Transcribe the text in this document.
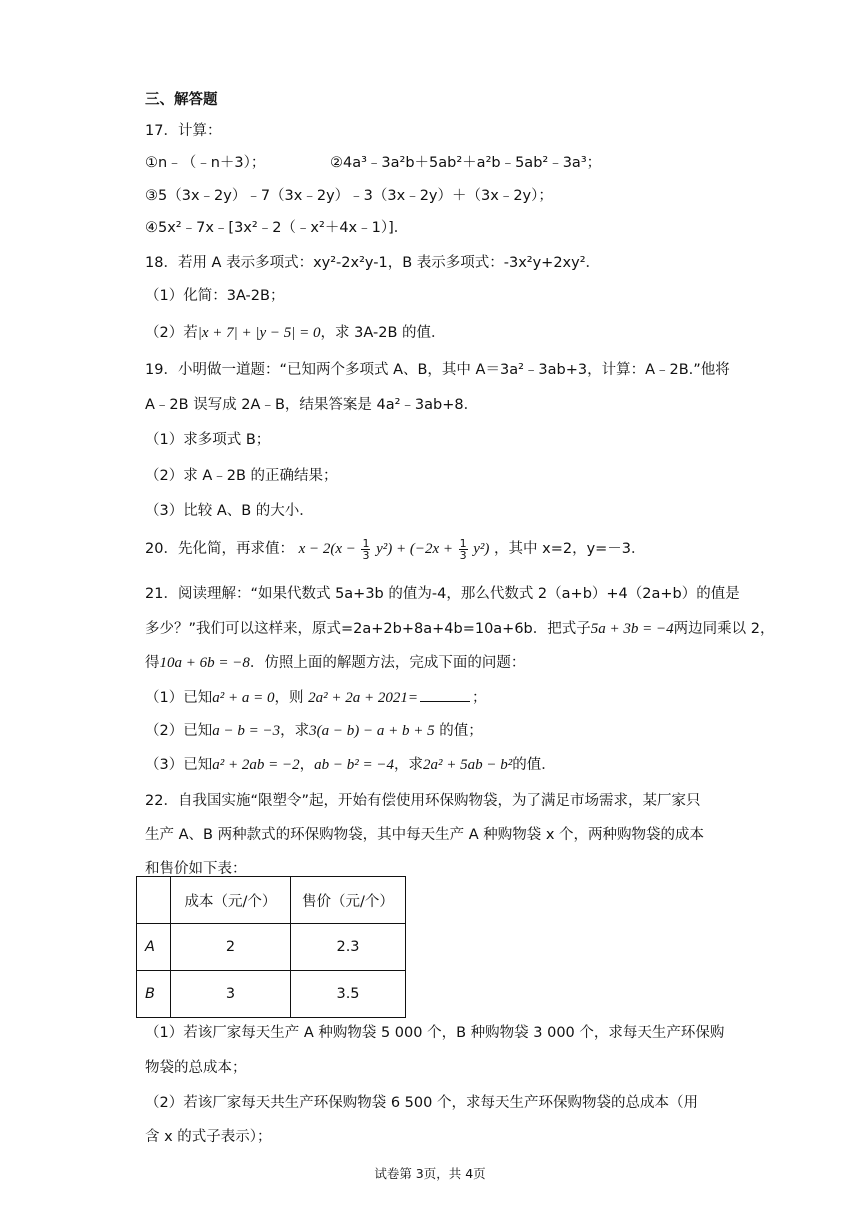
三、解答题
17．计算：
①n﹣（﹣n＋3）；	②4a³﹣3a²b＋5ab²＋a²b﹣5ab²﹣3a³；
③5（3x﹣2y）﹣7（3x﹣2y）﹣3（3x﹣2y）＋（3x﹣2y）；
④5x²﹣7x﹣[3x²﹣2（﹣x²＋4x﹣1）]．
18．若用 A 表示多项式：xy²-2x²y-1，B 表示多项式：-3x²y+2xy²．
（1）化简：3A-2B；
（2）若|x + 7| + |y − 5| = 0，求 3A-2B 的值．
19．小明做一道题：“已知两个多项式 A、B，其中 A＝3a²﹣3ab+3，计算：A﹣2B.”他将
A﹣2B 误写成 2A﹣B，结果答案是 4a²﹣3ab+8．
（1）求多项式 B；
（2）求 A﹣2B 的正确结果；
（3）比较 A、B 的大小．
20．先化简，再求值： $x - 2(x - \frac{1}{3} y^2) + (-2x + \frac{1}{3} y^2)$ ，其中 x=2，y=－3．
21．阅读理解：“如果代数式 5a+3b 的值为-4，那么代数式 2（a+b）+4（2a+b）的值是
多少？”我们可以这样来，原式=2a+2b+8a+4b=10a+6b．把式子5a + 3b = −4两边同乘以 2，
得10a + 6b = −8．仿照上面的解题方法，完成下面的问题：
（1）已知a² + a = 0，则 2a² + 2a + 2021=	；
（2）已知a − b = −3，求3(a − b) − a + b + 5 的值；
（3）已知a² + 2ab = −2，ab − b² = −4，求2a² + 5ab − b²的值．
22．自我国实施“限塑令”起，开始有偿使用环保购物袋，为了满足市场需求，某厂家只
生产 A、B 两种款式的环保购物袋，其中每天生产 A 种购物袋 x 个，两种购物袋的成本
和售价如下表：
	成本（元/个）	售价（元/个）
A	2	2.3
B	3	3.5
（1）若该厂家每天生产 A 种购物袋 5 000 个，B 种购物袋 3 000 个，求每天生产环保购
物袋的总成本；
（2）若该厂家每天共生产环保购物袋 6 500 个，求每天生产环保购物袋的总成本（用
含 x 的式子表示）；
试卷第 3页，共 4页
